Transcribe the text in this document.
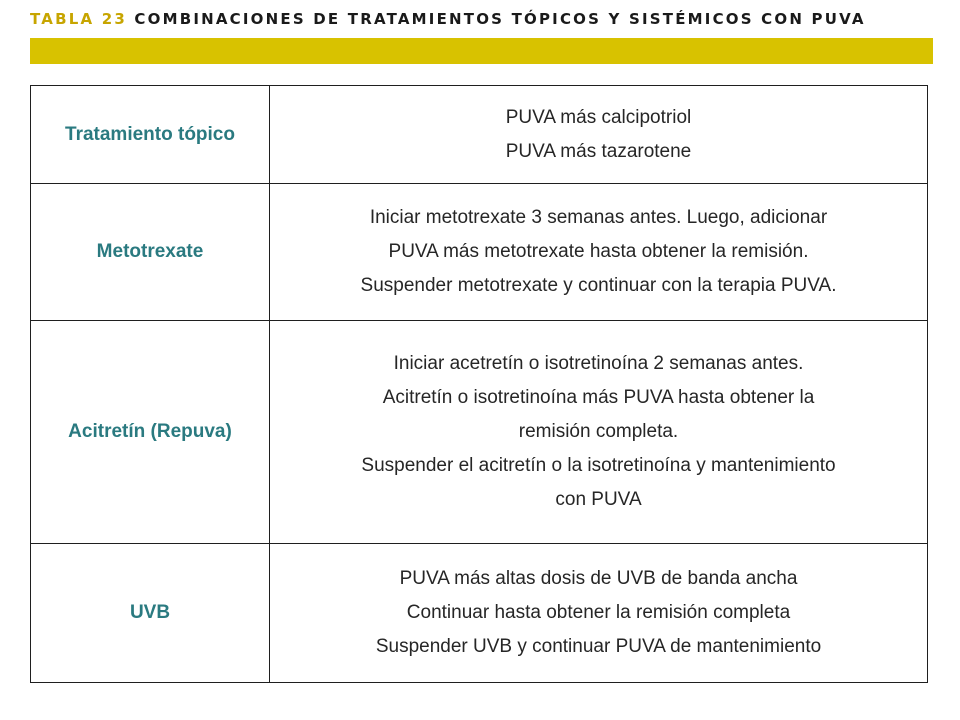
TABLA 23 COMBINACIONES DE TRATAMIENTOS TÓPICOS Y SISTÉMICOS CON PUVA
Tratamiento tópico	PUVA más calcipotriol
PUVA más tazarotene

Metotrexate	Iniciar metotrexate 3 semanas antes. Luego, adicionar
PUVA más metotrexate hasta obtener la remisión.
Suspender metotrexate y continuar con la terapia PUVA.

Acitretín (Repuva)	Iniciar acetretín o isotretinoína 2 semanas antes.
Acitretín o isotretinoína más PUVA hasta obtener la
remisión completa.
Suspender el acitretín o la isotretinoína y mantenimiento
con PUVA

UVB	PUVA más altas dosis de UVB de banda ancha
Continuar hasta obtener la remisión completa
Suspender UVB y continuar PUVA de mantenimiento
